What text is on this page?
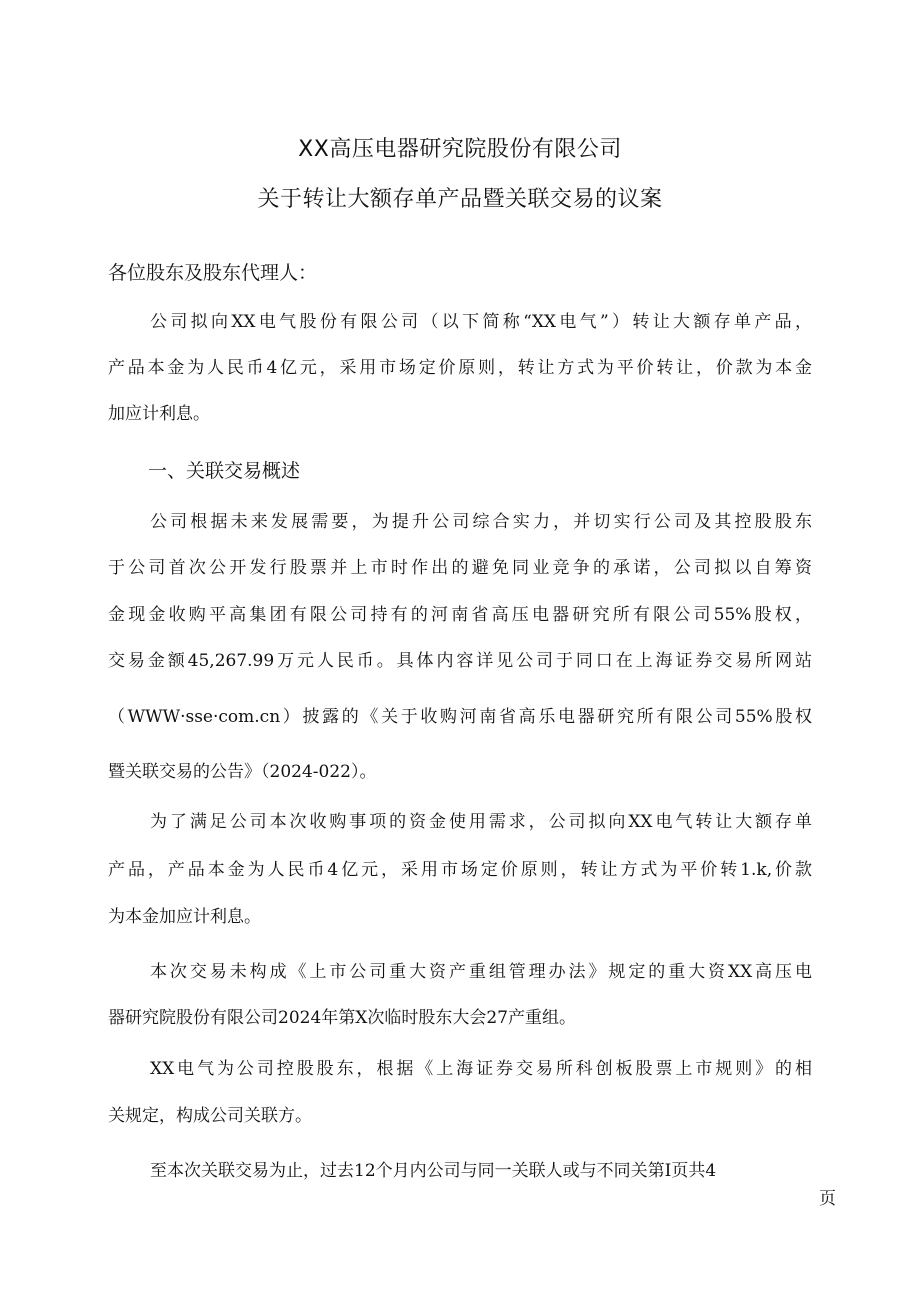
XX高压电器研究院股份有限公司
关于转让大额存单产品暨关联交易的议案
各位股东及股东代理人：
公司拟向XX电气股份有限公司（以下简称“XX电气”）转让大额存单产品，
产品本金为人民币4亿元，采用市场定价原则，转让方式为平价转让，价款为本金
加应计利息。
一、关联交易概述
公司根据未来发展需要，为提升公司综合实力，并切实行公司及其控股股东
于公司首次公开发行股票并上市时作出的避免同业竞争的承诺，公司拟以自筹资
金现金收购平高集团有限公司持有的河南省高压电器研究所有限公司55%股权，
交易金额45,267.99万元人民币。具体内容详见公司于同口在上海证券交易所网站
（WWW·sse·com.cn）披露的《关于收购河南省高乐电器研究所有限公司55%股权
暨关联交易的公告》（2024-022）。
为了满足公司本次收购事项的资金使用需求，公司拟向XX电气转让大额存单
产品，产品本金为人民币4亿元，采用市场定价原则，转让方式为平价转1.k,价款
为本金加应计利息。
本次交易未构成《上市公司重大资产重组管理办法》规定的重大资XX高压电
器研究院股份有限公司2024年第X次临时股东大会27产重组。
XX电气为公司控股股东，根据《上海证券交易所科创板股票上市规则》的相
关规定，构成公司关联方。
至本次关联交易为止，过去12个月内公司与同一关联人或与不同关第I页共4
页
